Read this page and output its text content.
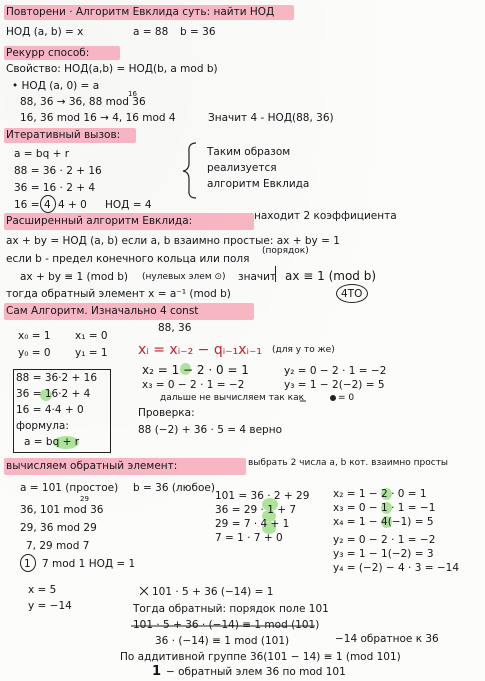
Повторени · Алгоритм Евклида суть: найти НОД
НОД (a, b) = x	a = 88 b = 36
Рекурр способ:
Свойство: НОД(a,b) = НОД(b, a mod b)
• НОД (a, 0) = a
88, 36 → 36, 88 mod 36
16
16, 36 mod 16 → 4, 16 mod 4	Значит 4 - НОД(88, 36)
Итеративный вызов:
a = bq + r
88 = 36 · 2 + 16
36 = 16 · 2 + 4
16 = 4 4 + 0 НОД = 4
Таким образом
реализуется
алгоритм Евклида
Расширенный алгоритм Евклида:	находит 2 коэффициента
ax + by = НОД (a, b) если a, b взаимно простые: ax + by = 1
если b - предел конечного кольца или поля
(порядок)
ax + by ≡ 1 (mod b) (нулевых элем ⊙) значит ax ≡ 1 (mod b)
тогда обратный элемент x = a⁻¹ (mod b)	4TO
Сам Алгоритм. Изначально 4 const
88, 36
x₀ = 1 x₁ = 0
y₀ = 0 y₁ = 1 xᵢ = xᵢ₋₂ − qᵢ₋₁xᵢ₋₁ (для y то же)
x₂ = 1 − 2 · 0 = 1
x₃ = 0 − 2 · 1 = −2
y₂ = 0 − 2 · 1 = −2
y₃ = 1 − 2(−2) = 5
дальше не вычисляем так как	= 0
Проверка:
88 (−2) + 36 · 5 = 4 верно
88 = 36·2 + 16
36 = 16·2 + 4
16 = 4·4 + 0
формула:
a = bq + r
вычисляем обратный элемент:	выбрать 2 числа a, b кот. взаимно просты
a = 101 (простое) b = 36 (любое)
36, 101 mod 36
29
29, 36 mod 29
7, 29 mod 7
1 7 mod 1 НОД = 1
101 = 36 · 2 + 29
36 = 29 · 1 + 7
29 = 7 · 4 + 1
7 = 1 · 7 + 0
x₂ = 1 − 2 · 0 = 1
x₃ = 0 − 1 · 1 = −1
x₄ = 1 − 4(−1) = 5
y₂ = 0 − 2 · 1 = −2
y₃ = 1 − 1(−2) = 3
y₄ = (−2) − 4 · 3 = −14
x = 5
y = −14
101 · 5 + 36 (−14) = 1
Тогда обратный: порядок поле 101
101 · 5 + 36 · (−14) ≡ 1 mod (101)
36 · (−14) ≡ 1 mod (101)	−14 обратное к 36
По аддитивной группе 36(101 − 14) ≡ 1 (mod 101)
1 − обратный элем 36 по mod 101
